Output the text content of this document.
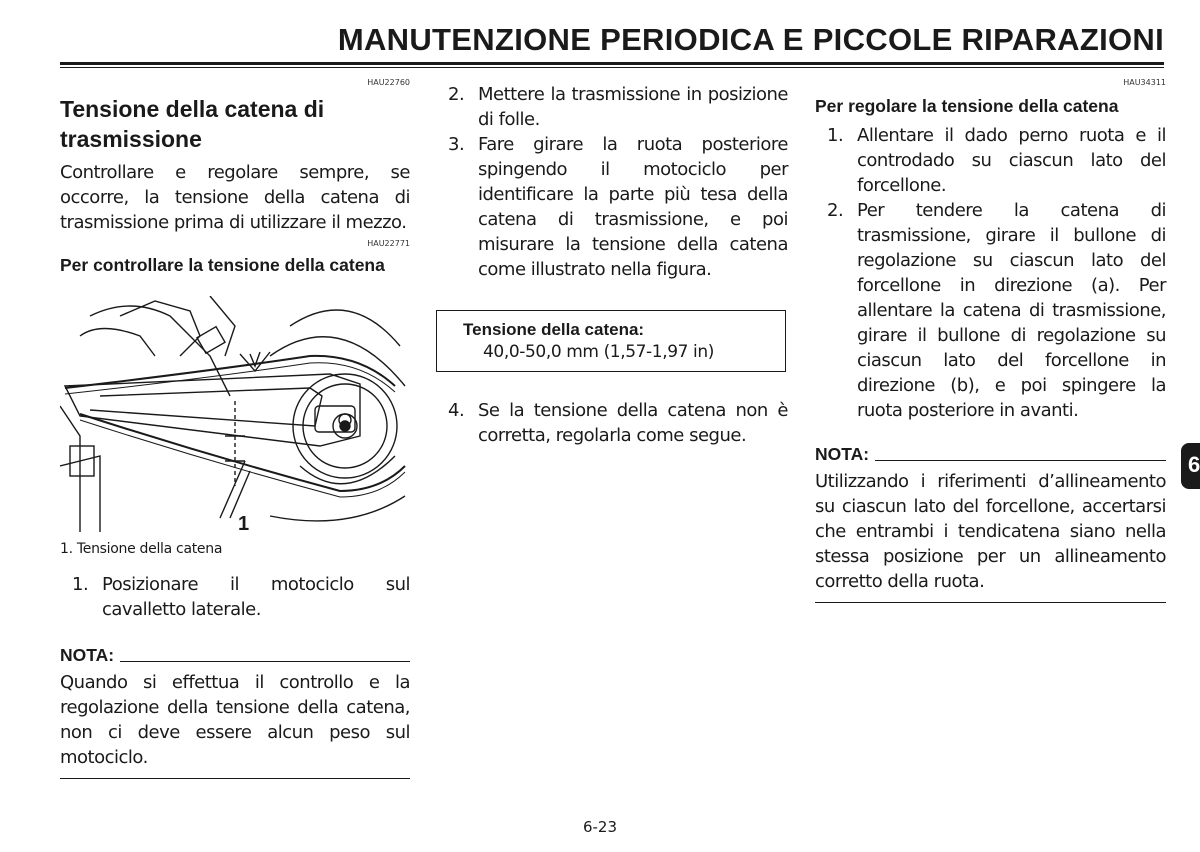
MANUTENZIONE PERIODICA E PICCOLE RIPARAZIONI
HAU22760
Tensione della catena di trasmissione

Controllare e regolare sempre, se occorre, la tensione della catena di trasmissione prima di utilizzare il mezzo.

HAU22771
Per controllare la tensione della catena
1
1. Tensione della catena
1. Posizionare il motociclo sul cavalletto laterale.
NOTA:

Quando si effettua il controllo e la regolazione della tensione della catena, non ci deve essere alcun peso sul motociclo.

2. Mettere la trasmissione in posizione di folle.
3. Fare girare la ruota posteriore spingendo il motociclo per identificare la parte più tesa della catena di trasmissione, e poi misurare la tensione della catena come illustrato nella figura.
Tensione della catena:
40,0-50,0 mm (1,57-1,97 in)
4. Se la tensione della catena non è corretta, regolarla come segue.
HAU34311
Per regolare la tensione della catena
1. Allentare il dado perno ruota e il controdado su ciascun lato del forcellone.
2. Per tendere la catena di trasmissione, girare il bullone di regolazione su ciascun lato del forcellone in direzione (a). Per allentare la catena di trasmissione, girare il bullone di regolazione su ciascun lato del forcellone in direzione (b), e poi spingere la ruota posteriore in avanti.
NOTA:

Utilizzando i riferimenti d’allineamento su ciascun lato del forcellone, accertarsi che entrambi i tendicatena siano nella stessa posizione per un allineamento corretto della ruota.

6-23
6
